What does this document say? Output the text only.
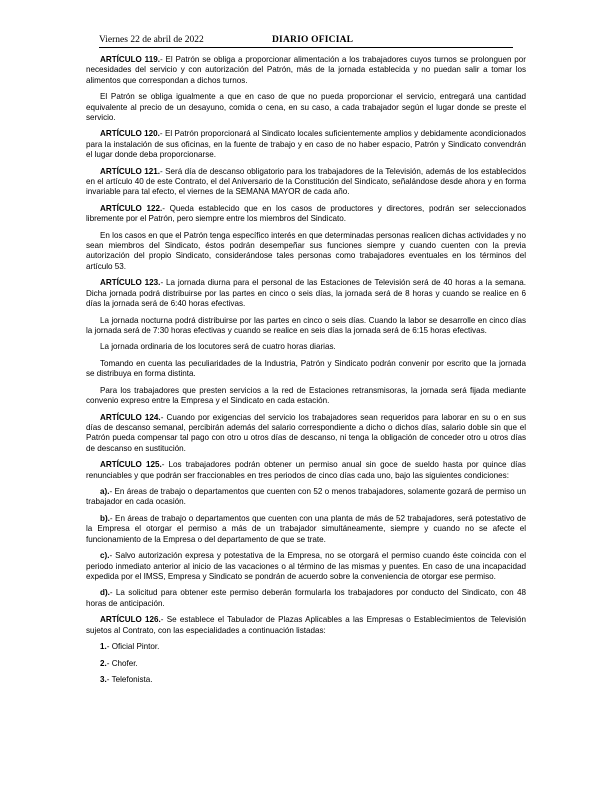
Viernes 22 de abril de 2022	DIARIO OFICIAL

ARTÍCULO 119.- El Patrón se obliga a proporcionar alimentación a los trabajadores cuyos turnos se prolonguen por necesidades del servicio y con autorización del Patrón, más de la jornada establecida y no puedan salir a tomar los alimentos que correspondan a dichos turnos.

El Patrón se obliga igualmente a que en caso de que no pueda proporcionar el servicio, entregará una cantidad equivalente al precio de un desayuno, comida o cena, en su caso, a cada trabajador según el lugar donde se preste el servicio.

ARTÍCULO 120.- El Patrón proporcionará al Sindicato locales suficientemente amplios y debidamente acondicionados para la instalación de sus oficinas, en la fuente de trabajo y en caso de no haber espacio, Patrón y Sindicato convendrán el lugar donde deba proporcionarse.

ARTÍCULO 121.- Será día de descanso obligatorio para los trabajadores de la Televisión, además de los establecidos en el artículo 40 de este Contrato, el del Aniversario de la Constitución del Sindicato, señalándose desde ahora y en forma invariable para tal efecto, el viernes de la SEMANA MAYOR de cada año.

ARTÍCULO 122.- Queda establecido que en los casos de productores y directores, podrán ser seleccionados libremente por el Patrón, pero siempre entre los miembros del Sindicato.

En los casos en que el Patrón tenga específico interés en que determinadas personas realicen dichas actividades y no sean miembros del Sindicato, éstos podrán desempeñar sus funciones siempre y cuando cuenten con la previa autorización del propio Sindicato, considerándose tales personas como trabajadores eventuales en los términos del artículo 53.

ARTÍCULO 123.- La jornada diurna para el personal de las Estaciones de Televisión será de 40 horas a la semana. Dicha jornada podrá distribuirse por las partes en cinco o seis días, la jornada será de 8 horas y cuando se realice en 6 días la jornada será de 6:40 horas efectivas.

La jornada nocturna podrá distribuirse por las partes en cinco o seis días. Cuando la labor se desarrolle en cinco días la jornada será de 7:30 horas efectivas y cuando se realice en seis días la jornada será de 6:15 horas efectivas.

La jornada ordinaria de los locutores será de cuatro horas diarias.

Tomando en cuenta las peculiaridades de la Industria, Patrón y Sindicato podrán convenir por escrito que la jornada se distribuya en forma distinta.

Para los trabajadores que presten servicios a la red de Estaciones retransmisoras, la jornada será fijada mediante convenio expreso entre la Empresa y el Sindicato en cada estación.

ARTÍCULO 124.- Cuando por exigencias del servicio los trabajadores sean requeridos para laborar en su o en sus días de descanso semanal, percibirán además del salario correspondiente a dicho o dichos días, salario doble sin que el Patrón pueda compensar tal pago con otro u otros días de descanso, ni tenga la obligación de conceder otro u otros días de descanso en sustitución.

ARTÍCULO 125.- Los trabajadores podrán obtener un permiso anual sin goce de sueldo hasta por quince días renunciables y que podrán ser fraccionables en tres periodos de cinco días cada uno, bajo las siguientes condiciones:

a).- En áreas de trabajo o departamentos que cuenten con 52 o menos trabajadores, solamente gozará de permiso un trabajador en cada ocasión.

b).- En áreas de trabajo o departamentos que cuenten con una planta de más de 52 trabajadores, será potestativo de la Empresa el otorgar el permiso a más de un trabajador simultáneamente, siempre y cuando no se afecte el funcionamiento de la Empresa o del departamento de que se trate.

c).- Salvo autorización expresa y potestativa de la Empresa, no se otorgará el permiso cuando éste coincida con el periodo inmediato anterior al inicio de las vacaciones o al término de las mismas y puentes. En caso de una incapacidad expedida por el IMSS, Empresa y Sindicato se pondrán de acuerdo sobre la conveniencia de otorgar ese permiso.

d).- La solicitud para obtener este permiso deberán formularla los trabajadores por conducto del Sindicato, con 48 horas de anticipación.

ARTÍCULO 126.- Se establece el Tabulador de Plazas Aplicables a las Empresas o Establecimientos de Televisión sujetos al Contrato, con las especialidades a continuación listadas:

1.- Oficial Pintor.

2.- Chofer.

3.- Telefonista.
